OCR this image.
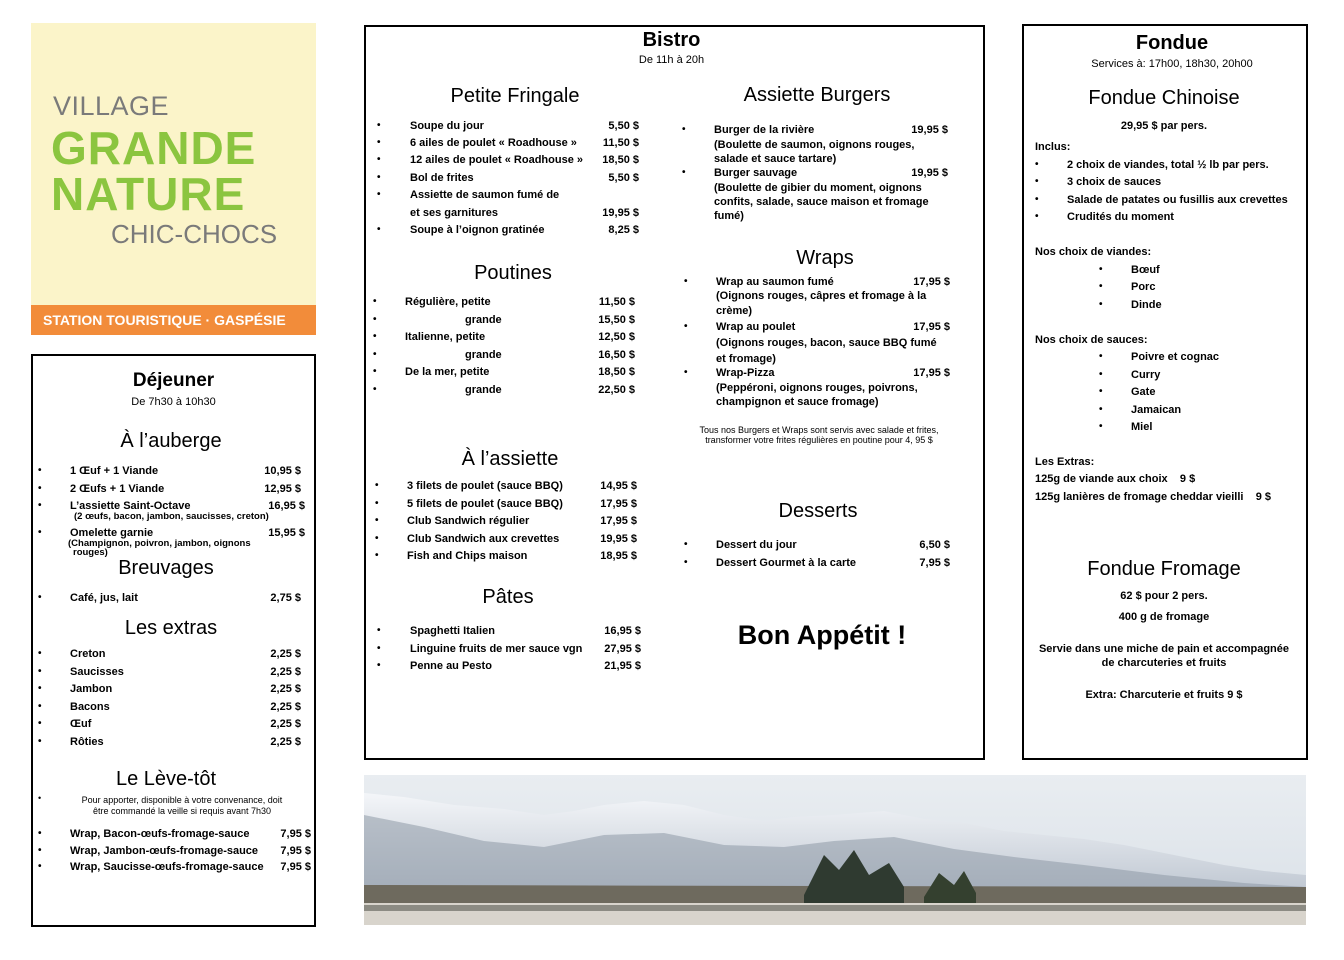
VILLAGE
GRANDE
NATURE
CHIC-CHOCS
STATION TOURISTIQUE · GASPÉSIE
Déjeuner
De 7h30 à 10h30
À l’auberge
•	1 Œuf + 1 Viande	10,95 $
•	2 Œufs + 1 Viande	12,95 $
•	L’assiette Saint-Octave	16,95 $
(2 œufs, bacon, jambon, saucisses, creton)
•	Omelette garnie	15,95 $
(Champignon, poivron, jambon, oignons
rouges)
Breuvages
•	Café, jus, lait	2,75 $
Les extras
•	Creton	2,25 $
•	Saucisses	2,25 $
•	Jambon	2,25 $
•	Bacons	2,25 $
•	Œuf	2,25 $
•	Rôties	2,25 $
Le Lève-tôt
•	Pour apporter, disponible à votre convenance, doit
être commandé la veille si requis avant 7h30
•	Wrap, Bacon-œufs-fromage-sauce	7,95 $
•	Wrap, Jambon-œufs-fromage-sauce 7,95 $
•	Wrap, Saucisse-œufs-fromage-sauce 7,95 $
Bistro
De 11h à 20h
Petite Fringale
•	Soupe du jour	5,50 $
•	6 ailes de poulet « Roadhouse » 11,50 $
•	12 ailes de poulet « Roadhouse » 18,50 $
•	Bol de frites	5,50 $
•	Assiette de saumon fumé de
et ses garnitures	19,95 $
•	Soupe à l’oignon gratinée	8,25 $
Poutines
•	Régulière, petite	11,50 $
•	grande	15,50 $
•	Italienne, petite	12,50 $
•	grande	16,50 $
•	De la mer, petite	18,50 $
•	grande	22,50 $
À l’assiette
•	3 filets de poulet (sauce BBQ)	14,95 $
•	5 filets de poulet (sauce BBQ)	17,95 $
•	Club Sandwich régulier	17,95 $
•	Club Sandwich aux crevettes	19,95 $
•	Fish and Chips maison	18,95 $
Pâtes
•	Spaghetti Italien	16,95 $
•	Linguine fruits de mer sauce vgn 27,95 $
•	Penne au Pesto	21,95 $
Assiette Burgers
•	Burger de la rivière	19,95 $
(Boulette de saumon, oignons rouges,
salade et sauce tartare)
•	Burger sauvage	19,95 $
(Boulette de gibier du moment, oignons
confits, salade, sauce maison et fromage
fumé)
Wraps
•	Wrap au saumon fumé	17,95 $
(Oignons rouges, câpres et fromage à la
crème)
•	Wrap au poulet	17,95 $
(Oignons rouges, bacon, sauce BBQ fumé
et fromage)
•	Wrap-Pizza	17,95 $
(Peppéroni, oignons rouges, poivrons,
champignon et sauce fromage)
Tous nos Burgers et Wraps sont servis avec salade et frites,
transformer votre frites régulières en poutine pour 4, 95 $
Desserts
•	Dessert du jour	6,50 $
•	Dessert Gourmet à la carte	7,95 $
Bon Appétit !
Fondue
Services à: 17h00, 18h30, 20h00
Fondue Chinoise
29,95 $ par pers.
Inclus:
•	2 choix de viandes, total ½ lb par pers.
•	3 choix de sauces
•	Salade de patates ou fusillis aux crevettes
•	Crudités du moment
Nos choix de viandes:
•	Bœuf
•	Porc
•	Dinde
Nos choix de sauces:
•	Poivre et cognac
•	Curry
•	Gate
•	Jamaican
•	Miel
Les Extras:
125g de viande aux choix    9 $
125g lanières de fromage cheddar vieilli    9 $
Fondue Fromage
62 $ pour 2 pers.
400 g de fromage
Servie dans une miche de pain et accompagnée
de charcuteries et fruits
Extra: Charcuterie et fruits 9 $
